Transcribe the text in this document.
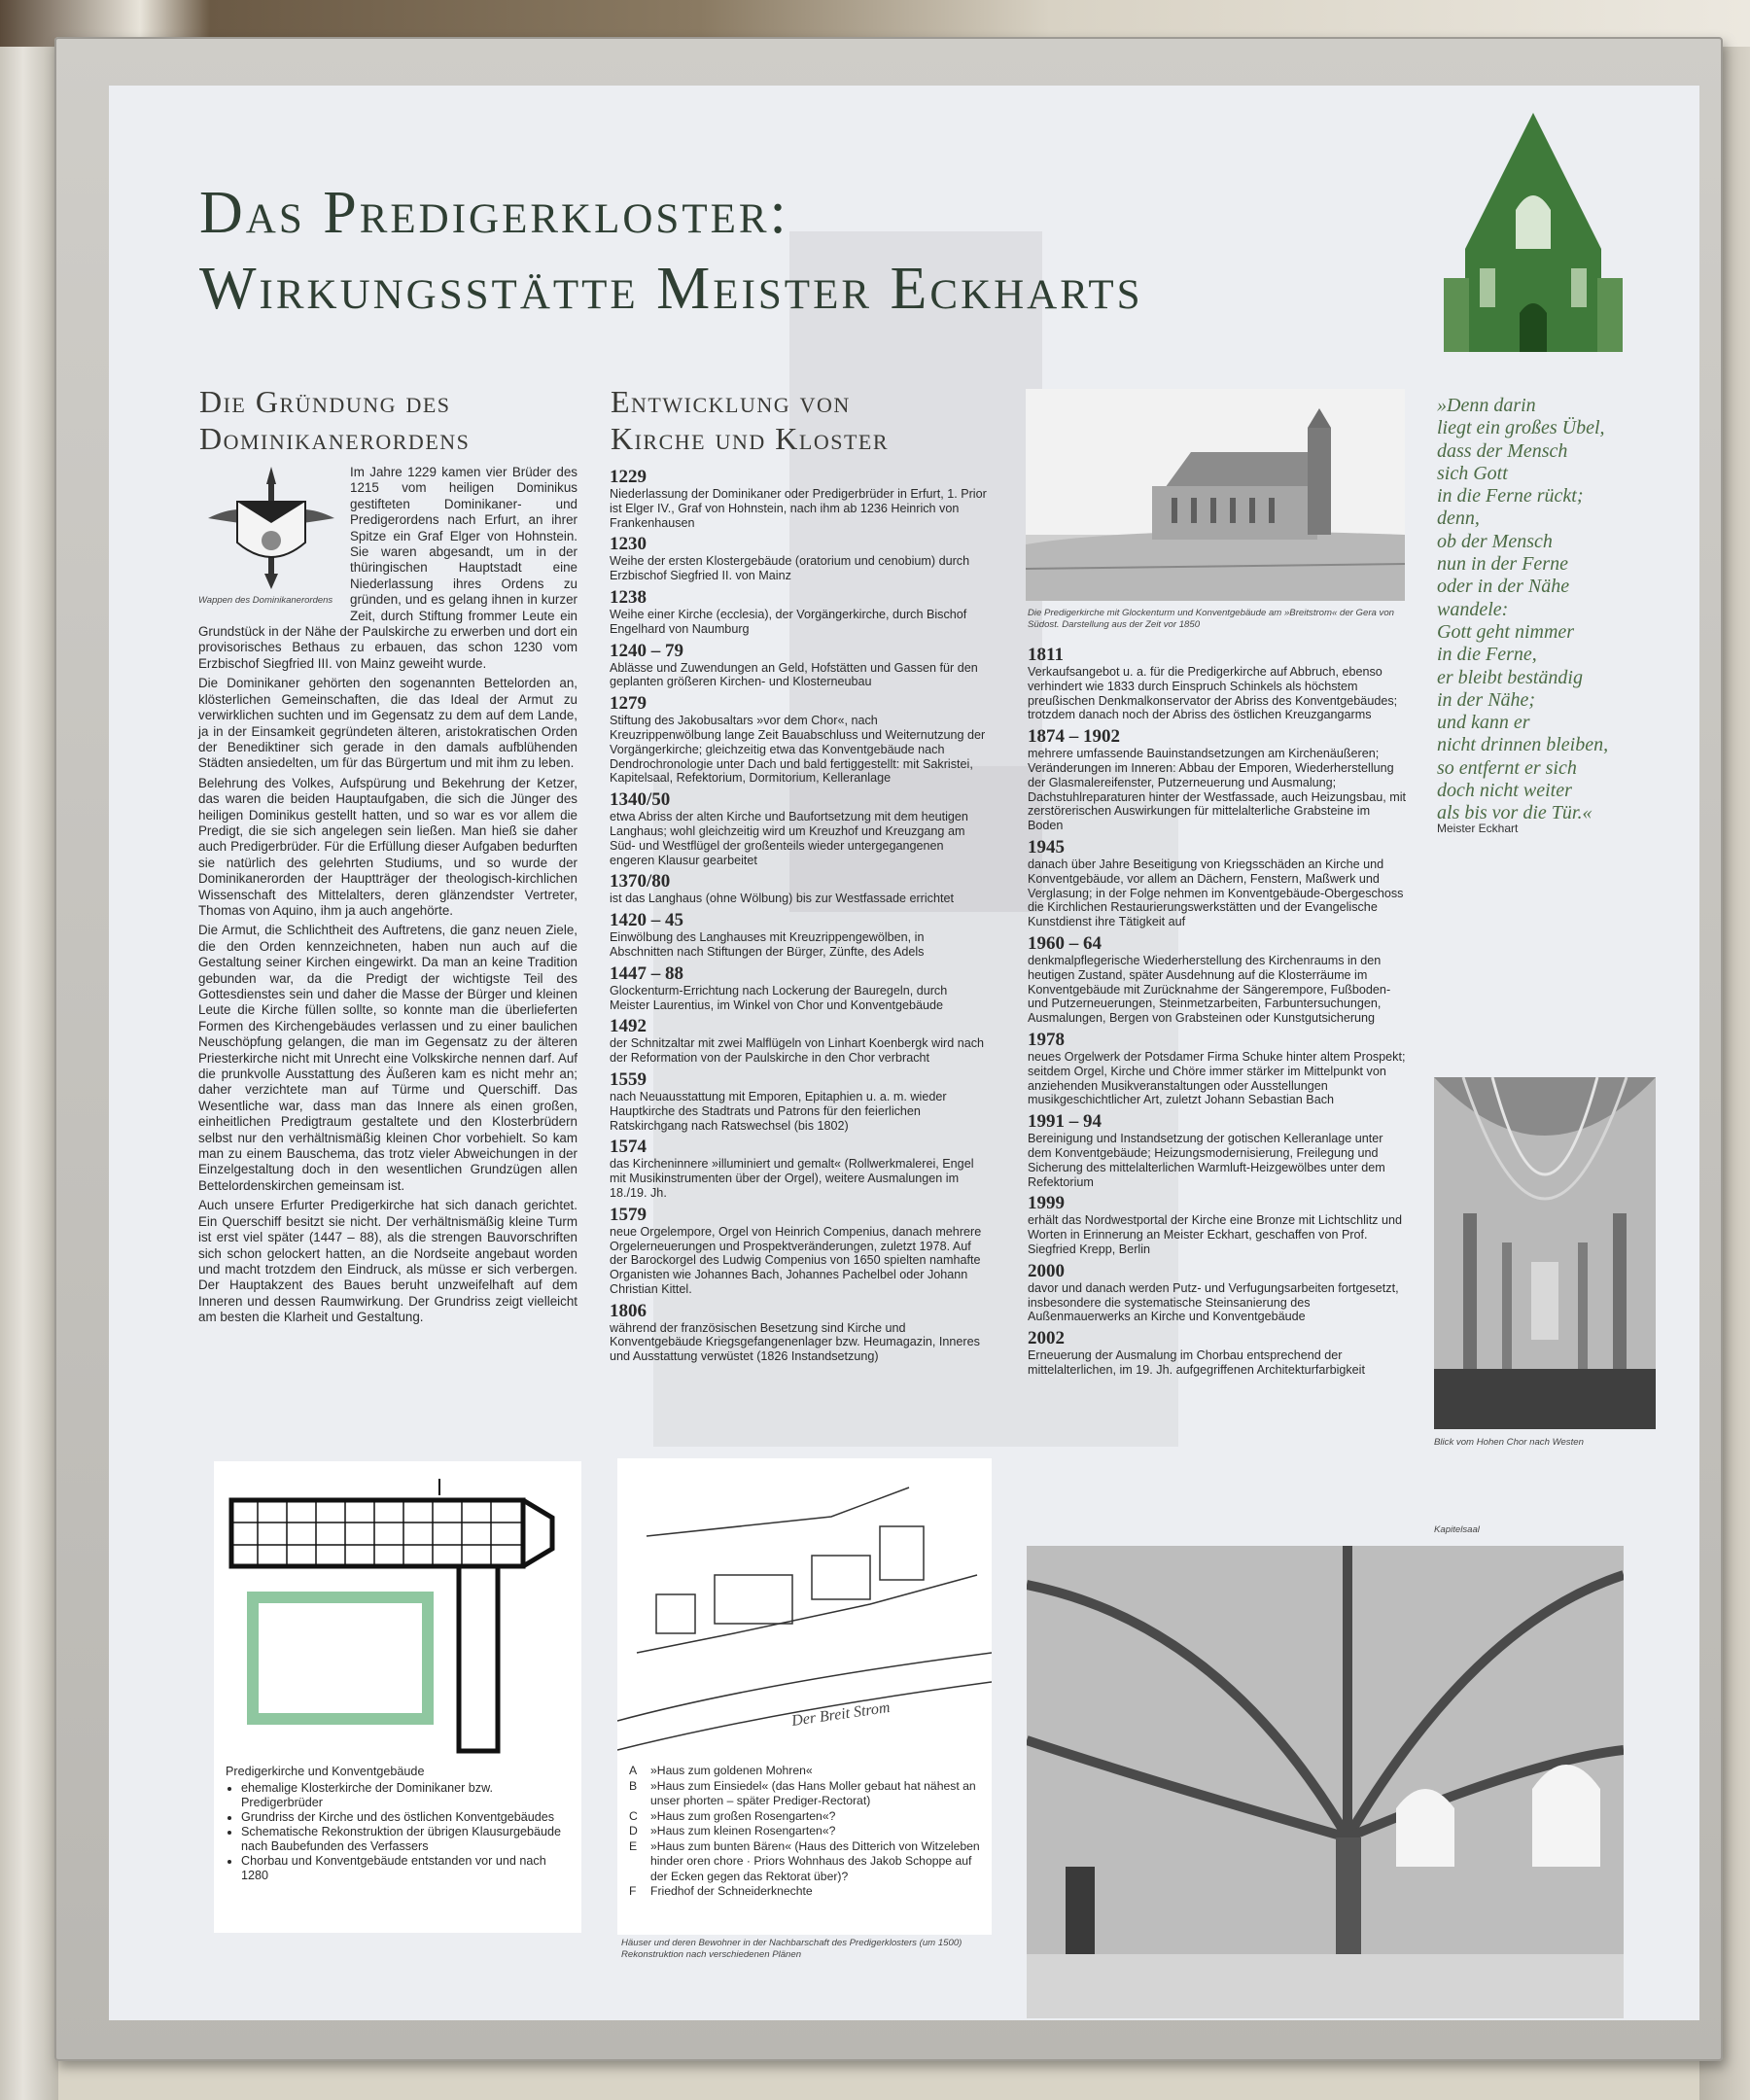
Das Predigerkloster:
Wirkungsstätte Meister Eckharts
Die Gründung des
Dominikanerordens
Wappen des Dominikanerordens

Im Jahre 1229 kamen vier Brüder des 1215 vom heiligen Dominikus gestifteten Dominikaner- und Predigerordens nach Erfurt, an ihrer Spitze ein Graf Elger von Hohnstein. Sie waren abgesandt, um in der thüringischen Hauptstadt eine Niederlassung ihres Ordens zu gründen, und es gelang ihnen in kurzer Zeit, durch Stiftung frommer Leute ein Grundstück in der Nähe der Paulskirche zu erwerben und dort ein provisorisches Bethaus zu erbauen, das schon 1230 vom Erzbischof Siegfried III. von Mainz geweiht wurde.

Die Dominikaner gehörten den sogenannten Bettelorden an, klösterlichen Gemeinschaften, die das Ideal der Armut zu verwirklichen suchten und im Gegensatz zu dem auf dem Lande, ja in der Einsamkeit gegründeten älteren, aristokratischen Orden der Benediktiner sich gerade in den damals aufblühenden Städten ansiedelten, um für das Bürgertum und mit ihm zu leben.

Belehrung des Volkes, Aufspürung und Bekehrung der Ketzer, das waren die beiden Hauptaufgaben, die sich die Jünger des heiligen Dominikus gestellt hatten, und so war es vor allem die Predigt, die sie sich angelegen sein ließen. Man hieß sie daher auch Predigerbrüder. Für die Erfüllung dieser Aufgaben bedurften sie natürlich des gelehrten Studiums, und so wurde der Dominikanerorden der Hauptträger der theologisch-kirchlichen Wissenschaft des Mittelalters, deren glänzendster Vertreter, Thomas von Aquino, ihm ja auch angehörte.

Die Armut, die Schlichtheit des Auftretens, die ganz neuen Ziele, die den Orden kennzeichneten, haben nun auch auf die Gestaltung seiner Kirchen eingewirkt. Da man an keine Tradition gebunden war, da die Predigt der wichtigste Teil des Gottesdienstes sein und daher die Masse der Bürger und kleinen Leute die Kirche füllen sollte, so konnte man die überlieferten Formen des Kirchengebäudes verlassen und zu einer baulichen Neuschöpfung gelangen, die man im Gegensatz zu der älteren Priesterkirche nicht mit Unrecht eine Volkskirche nennen darf. Auf die prunkvolle Ausstattung des Äußeren kam es nicht mehr an; daher verzichtete man auf Türme und Querschiff. Das Wesentliche war, dass man das Innere als einen großen, einheitlichen Predigtraum gestaltete und den Klosterbrüdern selbst nur den verhältnismäßig kleinen Chor vorbehielt. So kam man zu einem Bauschema, das trotz vieler Abweichungen in der Einzelgestaltung doch in den wesentlichen Grundzügen allen Bettelordenskirchen gemeinsam ist.

Auch unsere Erfurter Predigerkirche hat sich danach gerichtet. Ein Querschiff besitzt sie nicht. Der verhältnismäßig kleine Turm ist erst viel später (1447 – 88), als die strengen Bauvorschriften sich schon gelockert hatten, an die Nordseite angebaut worden und macht trotzdem den Eindruck, als müsse er sich verbergen. Der Hauptakzent des Baues beruht unzweifelhaft auf dem Inneren und dessen Raumwirkung. Der Grundriss zeigt vielleicht am besten die Klarheit und Gestaltung.

Entwicklung von
Kirche und Kloster
1229
Niederlassung der Dominikaner oder Predigerbrüder in Erfurt, 1. Prior ist Elger IV., Graf von Hohnstein, nach ihm ab 1236 Heinrich von Frankenhausen
1230
Weihe der ersten Klostergebäude (oratorium und cenobium) durch Erzbischof Siegfried II. von Mainz
1238
Weihe einer Kirche (ecclesia), der Vorgängerkirche, durch Bischof Engelhard von Naumburg
1240 – 79
Ablässe und Zuwendungen an Geld, Hofstätten und Gassen für den geplanten größeren Kirchen- und Klosterneubau
1279
Stiftung des Jakobusaltars »vor dem Chor«, nach Kreuzrippenwölbung lange Zeit Bauabschluss und Weiternutzung der Vorgängerkirche; gleichzeitig etwa das Konventgebäude nach Dendrochronologie unter Dach und bald fertiggestellt: mit Sakristei, Kapitelsaal, Refektorium, Dormitorium, Kelleranlage
1340/50
etwa Abriss der alten Kirche und Baufortsetzung mit dem heutigen Langhaus; wohl gleichzeitig wird um Kreuzhof und Kreuzgang am Süd- und Westflügel der großenteils wieder untergegangenen engeren Klausur gearbeitet
1370/80
ist das Langhaus (ohne Wölbung) bis zur Westfassade errichtet
1420 – 45
Einwölbung des Langhauses mit Kreuzrippengewölben, in Abschnitten nach Stiftungen der Bürger, Zünfte, des Adels
1447 – 88
Glockenturm-Errichtung nach Lockerung der Bauregeln, durch Meister Laurentius, im Winkel von Chor und Konventgebäude
1492
der Schnitzaltar mit zwei Malflügeln von Linhart Koenbergk wird nach der Reformation von der Paulskirche in den Chor verbracht
1559
nach Neuausstattung mit Emporen, Epitaphien u. a. m. wieder Hauptkirche des Stadtrats und Patrons für den feierlichen Ratskirchgang nach Ratswechsel (bis 1802)
1574
das Kircheninnere »illuminiert und gemalt« (Rollwerkmalerei, Engel mit Musikinstrumenten über der Orgel), weitere Ausmalungen im 18./19. Jh.
1579
neue Orgelempore, Orgel von Heinrich Compenius, danach mehrere Orgelerneuerungen und Prospektveränderungen, zuletzt 1978. Auf der Barockorgel des Ludwig Compenius von 1650 spielten namhafte Organisten wie Johannes Bach, Johannes Pachelbel oder Johann Christian Kittel.
1806
während der französischen Besetzung sind Kirche und Konventgebäude Kriegsgefangenenlager bzw. Heumagazin, Inneres und Ausstattung verwüstet (1826 Instandsetzung)
Die Predigerkirche mit Glockenturm und Konventgebäude am »Breitstrom« der Gera von Südost. Darstellung aus der Zeit vor 1850
1811
Verkaufsangebot u. a. für die Predigerkirche auf Abbruch, ebenso verhindert wie 1833 durch Einspruch Schinkels als höchstem preußischen Denkmalkonservator der Abriss des Konventgebäudes; trotzdem danach noch der Abriss des östlichen Kreuzgangarms
1874 – 1902
mehrere umfassende Bauinstandsetzungen am Kirchenäußeren; Veränderungen im Inneren: Abbau der Emporen, Wiederherstellung der Glasmalereifenster, Putzerneuerung und Ausmalung; Dachstuhlreparaturen hinter der Westfassade, auch Heizungsbau, mit zerstörerischen Auswirkungen für mittelalterliche Grabsteine im Boden
1945
danach über Jahre Beseitigung von Kriegsschäden an Kirche und Konventgebäude, vor allem an Dächern, Fenstern, Maßwerk und Verglasung; in der Folge nehmen im Konventgebäude-Obergeschoss die Kirchlichen Restaurierungswerkstätten und der Evangelische Kunstdienst ihre Tätigkeit auf
1960 – 64
denkmalpflegerische Wiederherstellung des Kirchenraums in den heutigen Zustand, später Ausdehnung auf die Klosterräume im Konventgebäude mit Zurücknahme der Sängerempore, Fußboden- und Putzerneuerungen, Steinmetzarbeiten, Farbuntersuchungen, Ausmalungen, Bergen von Grabsteinen oder Kunstgutsicherung
1978
neues Orgelwerk der Potsdamer Firma Schuke hinter altem Prospekt; seitdem Orgel, Kirche und Chöre immer stärker im Mittelpunkt von anziehenden Musikveranstaltungen oder Ausstellungen musikgeschichtlicher Art, zuletzt Johann Sebastian Bach
1991 – 94
Bereinigung und Instandsetzung der gotischen Kelleranlage unter dem Konventgebäude; Heizungsmodernisierung, Freilegung und Sicherung des mittelalterlichen Warmluft-Heizgewölbes unter dem Refektorium
1999
erhält das Nordwestportal der Kirche eine Bronze mit Lichtschlitz und Worten in Erinnerung an Meister Eckhart, geschaffen von Prof. Siegfried Krepp, Berlin
2000
davor und danach werden Putz- und Verfugungsarbeiten fortgesetzt, insbesondere die systematische Steinsanierung des Außenmauerwerks an Kirche und Konventgebäude
2002
Erneuerung der Ausmalung im Chorbau entsprechend der mittelalterlichen, im 19. Jh. aufgegriffenen Architekturfarbigkeit
»Denn darin
liegt ein großes Übel,
dass der Mensch
sich Gott
in die Ferne rückt;
denn,
ob der Mensch
nun in der Ferne
oder in der Nähe
wandele:
Gott geht nimmer
in die Ferne,
er bleibt beständig
in der Nähe;
und kann er
nicht drinnen bleiben,
so entfernt er sich
doch nicht weiter
als bis vor die Tür.«
Meister Eckhart
Blick vom Hohen Chor nach Westen
Kapitelsaal
Predigerkirche und Konventgebäude
• ehemalige Klosterkirche der Dominikaner bzw. Predigerbrüder
• Grundriss der Kirche und des östlichen Konventgebäudes
• Schematische Rekonstruktion der übrigen Klausurgebäude nach Baubefunden des Verfassers
• Chorbau und Konventgebäude entstanden vor und nach 1280
Der Breit Strom
A	»Haus zum goldenen Mohren«
B	»Haus zum Einsiedel« (das Hans Moller gebaut hat nähest an unser phorten – später Prediger-Rectorat)
C	»Haus zum großen Rosengarten«?
D	»Haus zum kleinen Rosengarten«?
E	»Haus zum bunten Bären« (Haus des Ditterich von Witzeleben hinder oren chore · Priors Wohnhaus des Jakob Schoppe auf der Ecken gegen das Rektorat über)?
F	Friedhof der Schneiderknechte
Häuser und deren Bewohner in der Nachbarschaft des Predigerklosters (um 1500) Rekonstruktion nach verschiedenen Plänen
